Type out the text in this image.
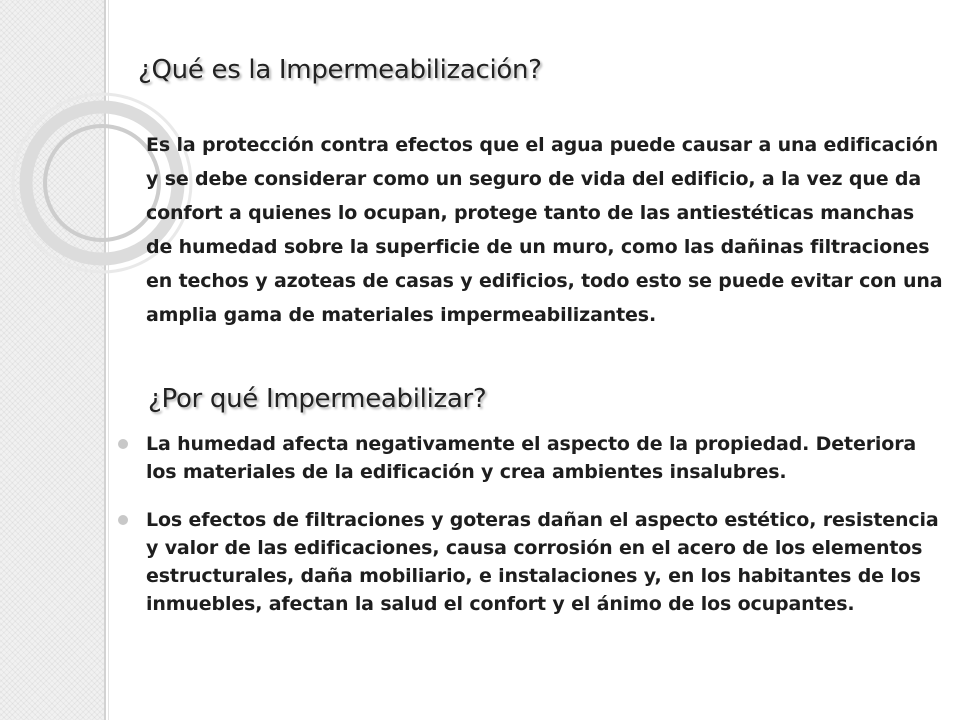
¿Qué es la Impermeabilización?

Es la protección contra efectos que el agua puede causar a una edificación y se debe considerar como un seguro de vida del edificio, a la vez que da confort a quienes lo ocupan, protege tanto de las antiestéticas manchas de humedad sobre la superficie de un muro, como las dañinas filtraciones en techos y azoteas de casas y edificios, todo esto se puede evitar con una amplia gama de materiales impermeabilizantes.

¿Por qué Impermeabilizar?
La humedad afecta negativamente el aspecto de la propiedad. Deteriora los materiales de la edificación y crea ambientes insalubres.
Los efectos de filtraciones y goteras dañan el aspecto estético, resistencia y valor de las edificaciones, causa corrosión en el acero de los elementos estructurales, daña mobiliario, e instalaciones y, en los habitantes de los inmuebles, afectan la salud el confort y el ánimo de los ocupantes.
